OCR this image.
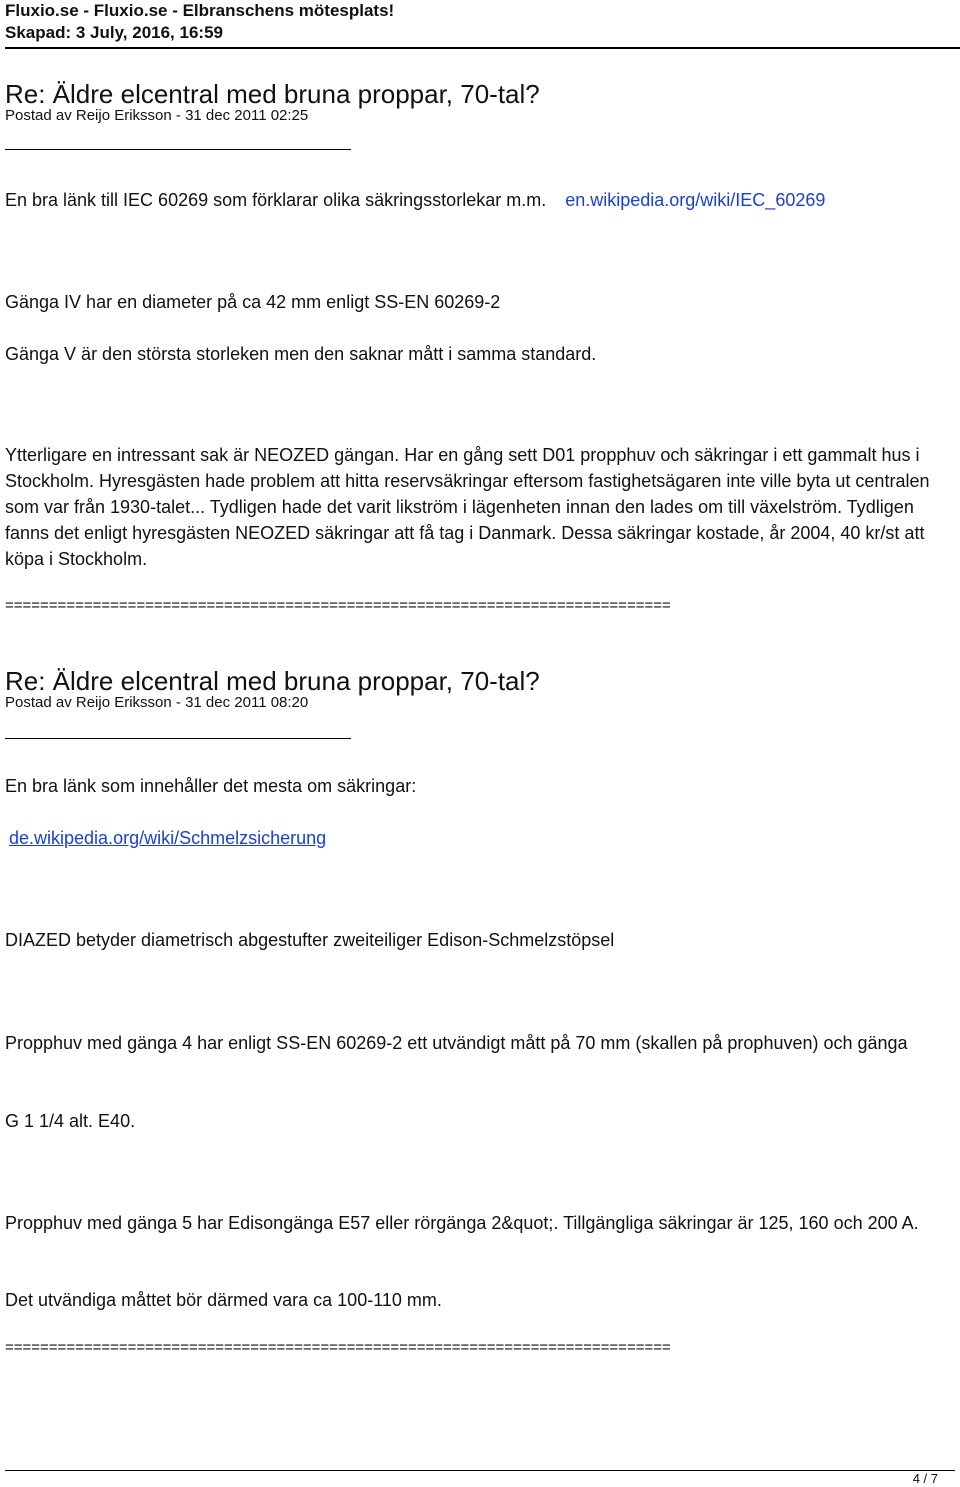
Fluxio.se - Fluxio.se - Elbranschens mötesplats!
Skapad: 3 July, 2016, 16:59
Re: Äldre elcentral med bruna proppar, 70-tal?
Postad av Reijo Eriksson - 31 dec 2011 02:25
En bra länk till IEC 60269 som förklarar olika säkringsstorlekar m.m. en.wikipedia.org/wiki/IEC_60269
Gänga IV har en diameter på ca 42 mm enligt SS-EN 60269-2
Gänga V är den största storleken men den saknar mått i samma standard.
Ytterligare en intressant sak är NEOZED gängan. Har en gång sett D01 propphuv och säkringar i ett gammalt hus i Stockholm. Hyresgästen hade problem att hitta reservsäkringar eftersom fastighetsägaren inte ville byta ut centralen som var från 1930-talet... Tydligen hade det varit likström i lägenheten innan den lades om till växelström. Tydligen fanns det enligt hyresgästen NEOZED säkringar att få tag i Danmark. Dessa säkringar kostade, år 2004, 40 kr/st att köpa i Stockholm.
============================================================================
Re: Äldre elcentral med bruna proppar, 70-tal?
Postad av Reijo Eriksson - 31 dec 2011 08:20
En bra länk som innehåller det mesta om säkringar:
de.wikipedia.org/wiki/Schmelzsicherung
DIAZED betyder diametrisch abgestufter zweiteiliger Edison-Schmelzstöpsel
Propphuv med gänga 4 har enligt SS-EN 60269-2 ett utvändigt mått på 70 mm (skallen på prophuven) och gänga
G 1 1/4 alt. E40.
Propphuv med gänga 5 har Edisongänga E57 eller rörgänga 2&quot;. Tillgängliga säkringar är 125, 160 och 200 A.
Det utvändiga måttet bör därmed vara ca 100-110 mm.
============================================================================
4 / 7
